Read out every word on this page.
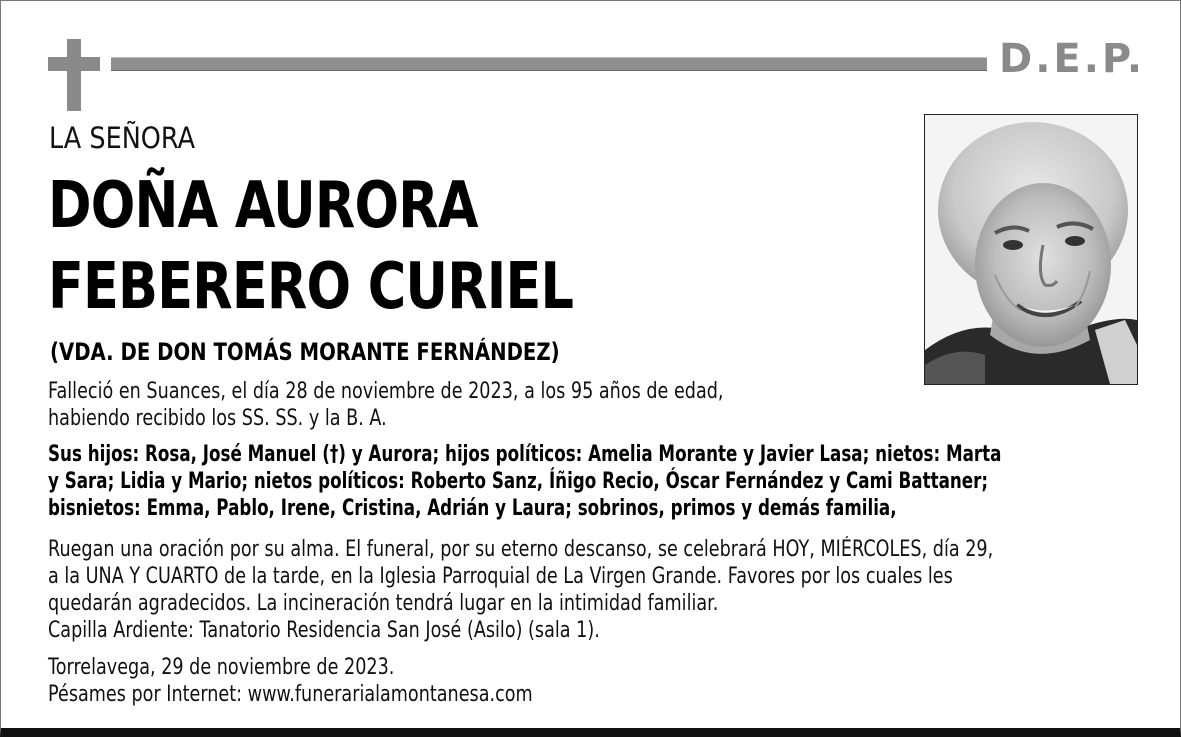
D.E.P.
LA SEÑORA
DOÑA AURORA
FEBERERO CURIEL
(VDA. DE DON TOMÁS MORANTE FERNÁNDEZ)
Falleció en Suances, el día 28 de noviembre de 2023, a los 95 años de edad,
habiendo recibido los SS. SS. y la B. A.
Sus hijos: Rosa, José Manuel (†) y Aurora; hijos políticos: Amelia Morante y Javier Lasa; nietos: Marta
y Sara; Lidia y Mario; nietos políticos: Roberto Sanz, Íñigo Recio, Óscar Fernández y Cami Battaner;
bisnietos: Emma, Pablo, Irene, Cristina, Adrián y Laura; sobrinos, primos y demás familia,
Ruegan una oración por su alma. El funeral, por su eterno descanso, se celebrará HOY, MIÉRCOLES, día 29,
a la UNA Y CUARTO de la tarde, en la Iglesia Parroquial de La Virgen Grande. Favores por los cuales les
quedarán agradecidos. La incineración tendrá lugar en la intimidad familiar.
Capilla Ardiente: Tanatorio Residencia San José (Asilo) (sala 1).
Torrelavega, 29 de noviembre de 2023.
Pésames por Internet: www.funerarialamontanesa.com
